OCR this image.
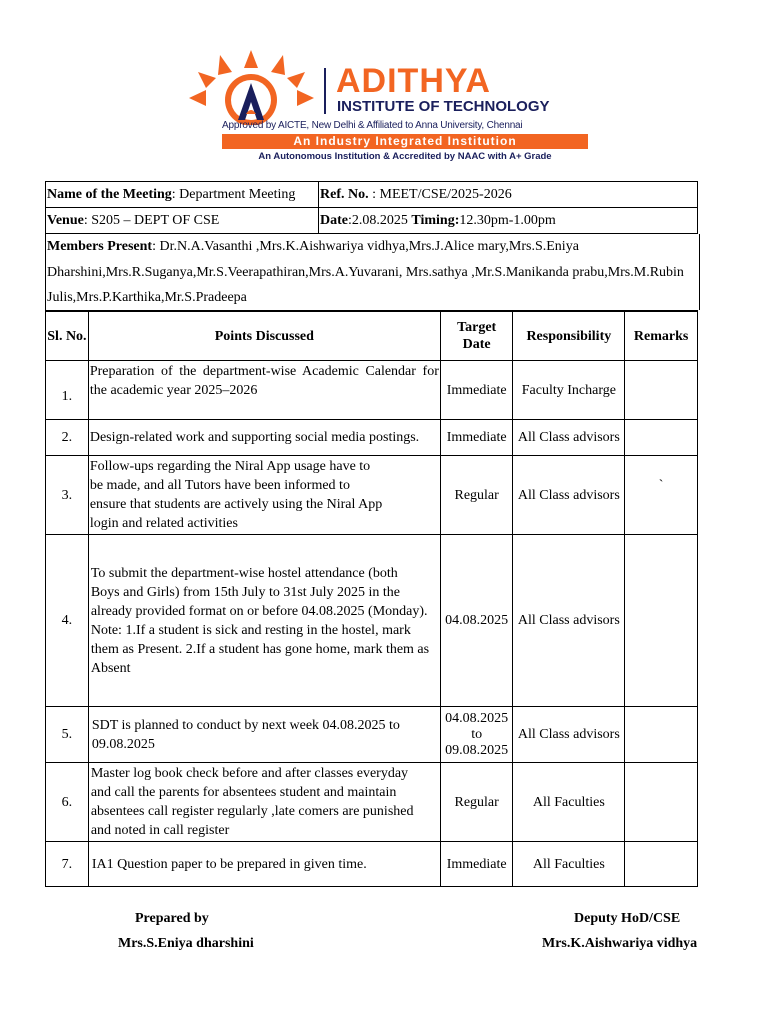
ADITHYA
INSTITUTE OF TECHNOLOGY
Approved by AICTE, New Delhi & Affiliated to Anna University, Chennai
An Industry Integrated Institution
An Autonomous Institution & Accredited by NAAC with A+ Grade
Name of the Meeting: Department Meeting	Ref. No. : MEET/CSE/2025-2026
Venue: S205 – DEPT OF CSE	Date:2.08.2025 Timing:12.30pm-1.00pm
Members Present: Dr.N.A.Vasanthi ,Mrs.K.Aishwariya vidhya,Mrs.J.Alice mary,Mrs.S.Eniya Dharshini,Mrs.R.Suganya,Mr.S.Veerapathiran,Mrs.A.Yuvarani, Mrs.sathya ,Mr.S.Manikanda prabu,Mrs.M.Rubin Julis,Mrs.P.Karthika,Mr.S.Pradeepa
Sl. No.	Points Discussed	Target Date	Responsibility	Remarks
1.	Preparation of the department-wise Academic Calendar for the academic year 2025–2026	Immediate	Faculty Incharge	
2.	Design-related work and supporting social media postings.	Immediate	All Class advisors	
3.	Follow-ups regarding the Niral App usage have to be made, and all Tutors have been informed to ensure that students are actively using the Niral App login and related activities	Regular	All Class advisors	`
4.	To submit the department-wise hostel attendance (both Boys and Girls) from 15th July to 31st July 2025 in the already provided format on or before 04.08.2025 (Monday). Note: 1.If a student is sick and resting in the hostel, mark them as Present. 2.If a student has gone home, mark them as Absent	04.08.2025	All Class advisors	
5.	SDT is planned to conduct by next week 04.08.2025 to 09.08.2025	04.08.2025 to 09.08.2025	All Class advisors	
6.	Master log book check before and after classes everyday and call the parents for absentees student and maintain absentees call register regularly ,late comers are punished and noted in call register	Regular	All Faculties	
7.	IA1 Question paper to be prepared in given time.	Immediate	All Faculties	
Prepared by
Mrs.S.Eniya dharshini
Deputy HoD/CSE
Mrs.K.Aishwariya vidhya
